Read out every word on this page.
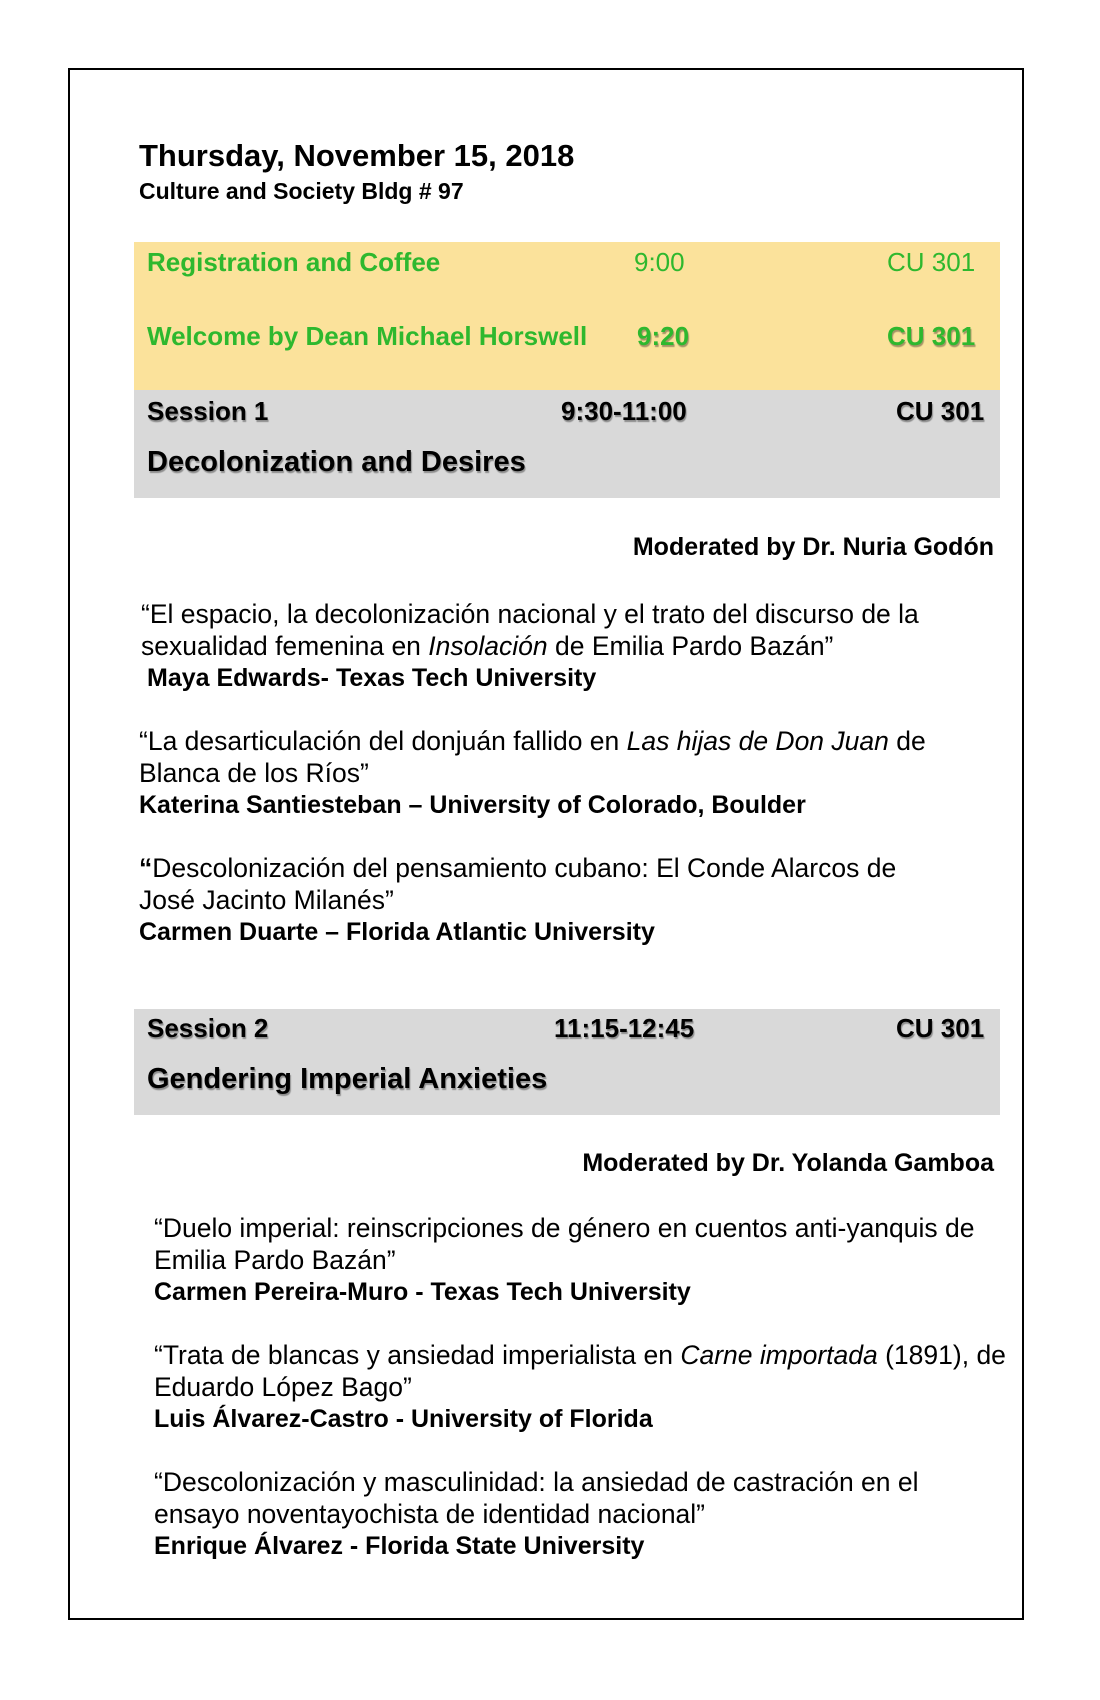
Thursday, November 15, 2018
Culture and Society Bldg # 97
Registration and Coffee	9:00	CU 301
Welcome by Dean Michael Horswell 9:20	CU 301
Session 1	9:30-11:00	CU 301
Decolonization and Desires
Moderated by Dr. Nuria Godón
“El espacio, la decolonización nacional y el trato del discurso de la sexualidad femenina en Insolación de Emilia Pardo Bazán”
Maya Edwards- Texas Tech University
“La desarticulación del donjuán fallido en Las hijas de Don Juan de Blanca de los Ríos”
Katerina Santiesteban – University of Colorado, Boulder
“Descolonización del pensamiento cubano: El Conde Alarcos de José Jacinto Milanés”
Carmen Duarte – Florida Atlantic University
Session 2	11:15-12:45	CU 301
Gendering Imperial Anxieties
Moderated by Dr. Yolanda Gamboa
“Duelo imperial: reinscripciones de género en cuentos anti-yanquis de Emilia Pardo Bazán”
Carmen Pereira-Muro - Texas Tech University
“Trata de blancas y ansiedad imperialista en Carne importada (1891), de Eduardo López Bago”
Luis Álvarez-Castro - University of Florida
“Descolonización y masculinidad: la ansiedad de castración en el ensayo noventayochista de identidad nacional”
Enrique Álvarez - Florida State University
